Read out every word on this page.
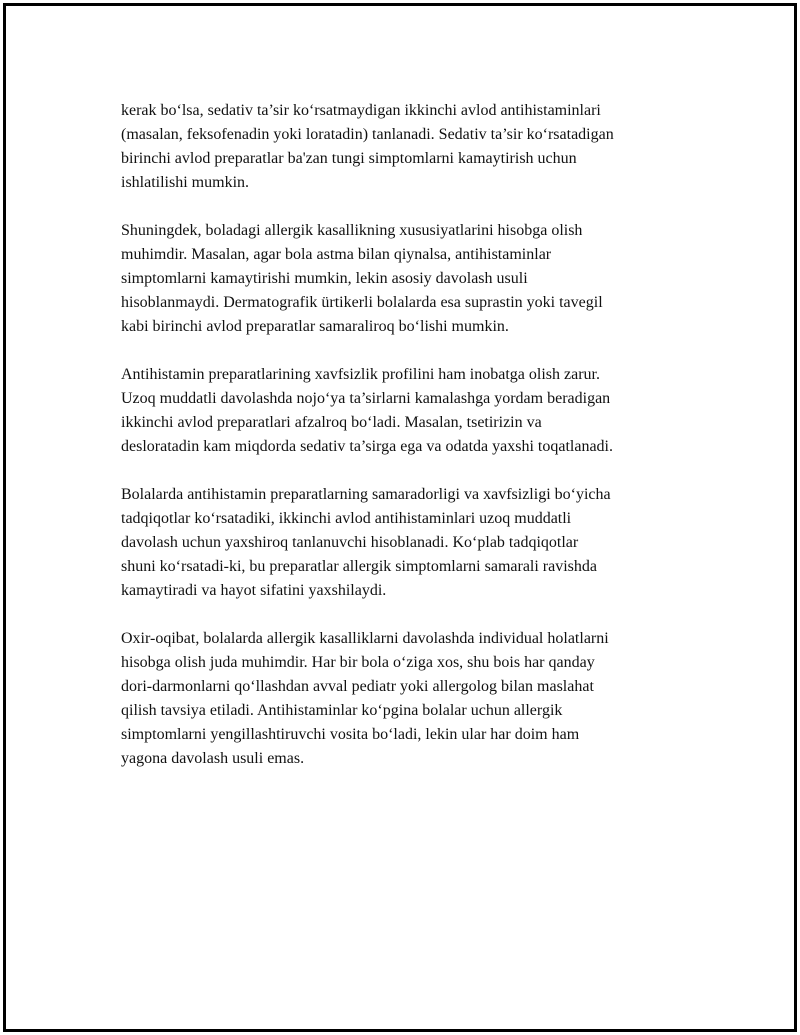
kerak bo‘lsa, sedativ ta’sir ko‘rsatmaydigan ikkinchi avlod antihistaminlari
(masalan, feksofenadin yoki loratadin) tanlanadi. Sedativ ta’sir ko‘rsatadigan
birinchi avlod preparatlar ba'zan tungi simptomlarni kamaytirish uchun
ishlatilishi mumkin.

Shuningdek, boladagi allergik kasallikning xususiyatlarini hisobga olish
muhimdir. Masalan, agar bola astma bilan qiynalsa, antihistaminlar
simptomlarni kamaytirishi mumkin, lekin asosiy davolash usuli
hisoblanmaydi. Dermatografik ürtikerli bolalarda esa suprastin yoki tavegil
kabi birinchi avlod preparatlar samaraliroq bo‘lishi mumkin.

Antihistamin preparatlarining xavfsizlik profilini ham inobatga olish zarur.
Uzoq muddatli davolashda nojo‘ya ta’sirlarni kamalashga yordam beradigan
ikkinchi avlod preparatlari afzalroq bo‘ladi. Masalan, tsetirizin va
desloratadin kam miqdorda sedativ ta’sirga ega va odatda yaxshi toqatlanadi.

Bolalarda antihistamin preparatlarning samaradorligi va xavfsizligi bo‘yicha
tadqiqotlar ko‘rsatadiki, ikkinchi avlod antihistaminlari uzoq muddatli
davolash uchun yaxshiroq tanlanuvchi hisoblanadi. Ko‘plab tadqiqotlar
shuni ko‘rsatadi-ki, bu preparatlar allergik simptomlarni samarali ravishda
kamaytiradi va hayot sifatini yaxshilaydi.

Oxir-oqibat, bolalarda allergik kasalliklarni davolashda individual holatlarni
hisobga olish juda muhimdir. Har bir bola o‘ziga xos, shu bois har qanday
dori-darmonlarni qo‘llashdan avval pediatr yoki allergolog bilan maslahat
qilish tavsiya etiladi. Antihistaminlar ko‘pgina bolalar uchun allergik
simptomlarni yengillashtiruvchi vosita bo‘ladi, lekin ular har doim ham
yagona davolash usuli emas.
